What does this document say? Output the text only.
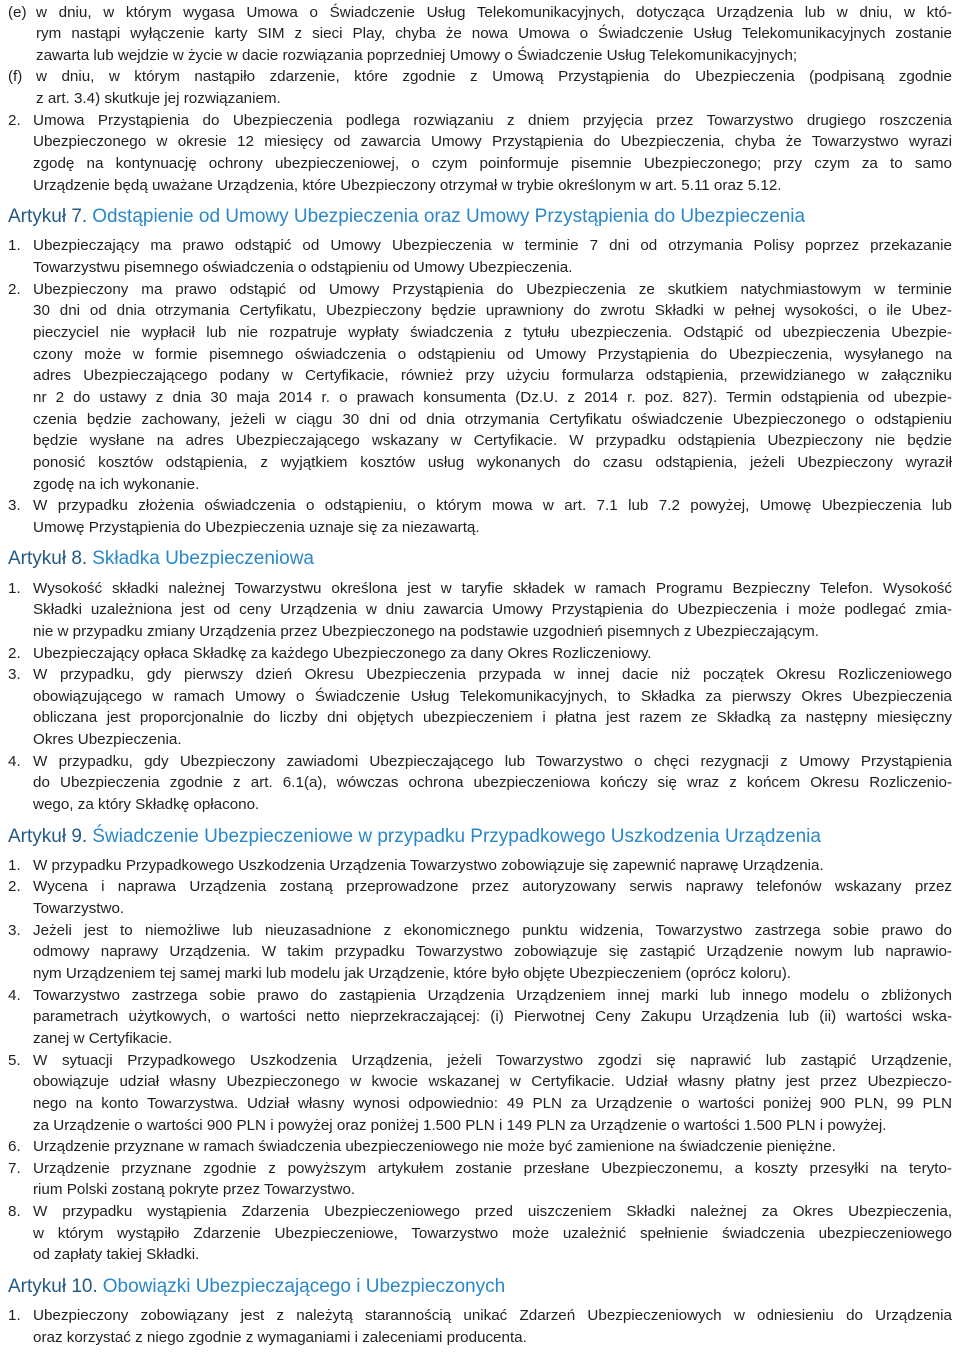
(e) w dniu, w którym wygasa Umowa o Świadczenie Usług Telekomunikacyjnych, dotycząca Urządzenia lub w dniu, w któ-
rym nastąpi wyłączenie karty SIM z sieci Play, chyba że nowa Umowa o Świadczenie Usług Telekomunikacyjnych zostanie
zawarta lub wejdzie w życie w dacie rozwiązania poprzedniej Umowy o Świadczenie Usług Telekomunikacyjnych;
(f) w dniu, w którym nastąpiło zdarzenie, które zgodnie z Umową Przystąpienia do Ubezpieczenia (podpisaną zgodnie
z art. 3.4) skutkuje jej rozwiązaniem.
2. Umowa Przystąpienia do Ubezpieczenia podlega rozwiązaniu z dniem przyjęcia przez Towarzystwo drugiego roszczenia
Ubezpieczonego w okresie 12 miesięcy od zawarcia Umowy Przystąpienia do Ubezpieczenia, chyba że Towarzystwo wyrazi
zgodę na kontynuację ochrony ubezpieczeniowej, o czym poinformuje pisemnie Ubezpieczonego; przy czym za to samo
Urządzenie będą uważane Urządzenia, które Ubezpieczony otrzymał w trybie określonym w art. 5.11 oraz 5.12.
Artykuł 7. Odstąpienie od Umowy Ubezpieczenia oraz Umowy Przystąpienia do Ubezpieczenia
1. Ubezpieczający ma prawo odstąpić od Umowy Ubezpieczenia w terminie 7 dni od otrzymania Polisy poprzez przekazanie
Towarzystwu pisemnego oświadczenia o odstąpieniu od Umowy Ubezpieczenia.
2. Ubezpieczony ma prawo odstąpić od Umowy Przystąpienia do Ubezpieczenia ze skutkiem natychmiastowym w terminie
30 dni od dnia otrzymania Certyfikatu, Ubezpieczony będzie uprawniony do zwrotu Składki w pełnej wysokości, o ile Ubez-
pieczyciel nie wypłacił lub nie rozpatruje wypłaty świadczenia z tytułu ubezpieczenia. Odstąpić od ubezpieczenia Ubezpie-
czony może w formie pisemnego oświadczenia o odstąpieniu od Umowy Przystąpienia do Ubezpieczenia, wysyłanego na
adres Ubezpieczającego podany w Certyfikacie, również przy użyciu formularza odstąpienia, przewidzianego w załączniku
nr 2 do ustawy z dnia 30 maja 2014 r. o prawach konsumenta (Dz.U. z 2014 r. poz. 827). Termin odstąpienia od ubezpie-
czenia będzie zachowany, jeżeli w ciągu 30 dni od dnia otrzymania Certyfikatu oświadczenie Ubezpieczonego o odstąpieniu
będzie wysłane na adres Ubezpieczającego wskazany w Certyfikacie. W przypadku odstąpienia Ubezpieczony nie będzie
ponosić kosztów odstąpienia, z wyjątkiem kosztów usług wykonanych do czasu odstąpienia, jeżeli Ubezpieczony wyraził
zgodę na ich wykonanie.
3. W przypadku złożenia oświadczenia o odstąpieniu, o którym mowa w art. 7.1 lub 7.2 powyżej, Umowę Ubezpieczenia lub
Umowę Przystąpienia do Ubezpieczenia uznaje się za niezawartą.
Artykuł 8. Składka Ubezpieczeniowa
1. Wysokość składki należnej Towarzystwu określona jest w taryfie składek w ramach Programu Bezpieczny Telefon. Wysokość
Składki uzależniona jest od ceny Urządzenia w dniu zawarcia Umowy Przystąpienia do Ubezpieczenia i może podlegać zmia-
nie w przypadku zmiany Urządzenia przez Ubezpieczonego na podstawie uzgodnień pisemnych z Ubezpieczającym.
2. Ubezpieczający opłaca Składkę za każdego Ubezpieczonego za dany Okres Rozliczeniowy.
3. W przypadku, gdy pierwszy dzień Okresu Ubezpieczenia przypada w innej dacie niż początek Okresu Rozliczeniowego
obowiązującego w ramach Umowy o Świadczenie Usług Telekomunikacyjnych, to Składka za pierwszy Okres Ubezpieczenia
obliczana jest proporcjonalnie do liczby dni objętych ubezpieczeniem i płatna jest razem ze Składką za następny miesięczny
Okres Ubezpieczenia.
4. W przypadku, gdy Ubezpieczony zawiadomi Ubezpieczającego lub Towarzystwo o chęci rezygnacji z Umowy Przystąpienia
do Ubezpieczenia zgodnie z art. 6.1(a), wówczas ochrona ubezpieczeniowa kończy się wraz z końcem Okresu Rozliczenio-
wego, za który Składkę opłacono.
Artykuł 9. Świadczenie Ubezpieczeniowe w przypadku Przypadkowego Uszkodzenia Urządzenia
1. W przypadku Przypadkowego Uszkodzenia Urządzenia Towarzystwo zobowiązuje się zapewnić naprawę Urządzenia.
2. Wycena i naprawa Urządzenia zostaną przeprowadzone przez autoryzowany serwis naprawy telefonów wskazany przez
Towarzystwo.
3. Jeżeli jest to niemożliwe lub nieuzasadnione z ekonomicznego punktu widzenia, Towarzystwo zastrzega sobie prawo do
odmowy naprawy Urządzenia. W takim przypadku Towarzystwo zobowiązuje się zastąpić Urządzenie nowym lub naprawio-
nym Urządzeniem tej samej marki lub modelu jak Urządzenie, które było objęte Ubezpieczeniem (oprócz koloru).
4. Towarzystwo zastrzega sobie prawo do zastąpienia Urządzenia Urządzeniem innej marki lub innego modelu o zbliżonych
parametrach użytkowych, o wartości netto nieprzekraczającej: (i) Pierwotnej Ceny Zakupu Urządzenia lub (ii) wartości wska-
zanej w Certyfikacie.
5. W sytuacji Przypadkowego Uszkodzenia Urządzenia, jeżeli Towarzystwo zgodzi się naprawić lub zastąpić Urządzenie,
obowiązuje udział własny Ubezpieczonego w kwocie wskazanej w Certyfikacie. Udział własny płatny jest przez Ubezpieczo-
nego na konto Towarzystwa. Udział własny wynosi odpowiednio: 49 PLN za Urządzenie o wartości poniżej 900 PLN, 99 PLN
za Urządzenie o wartości 900 PLN i powyżej oraz poniżej 1.500 PLN i 149 PLN za Urządzenie o wartości 1.500 PLN i powyżej.
6. Urządzenie przyznane w ramach świadczenia ubezpieczeniowego nie może być zamienione na świadczenie pieniężne.
7. Urządzenie przyznane zgodnie z powyższym artykułem zostanie przesłane Ubezpieczonemu, a koszty przesyłki na teryto-
rium Polski zostaną pokryte przez Towarzystwo.
8. W przypadku wystąpienia Zdarzenia Ubezpieczeniowego przed uiszczeniem Składki należnej za Okres Ubezpieczenia,
w którym wystąpiło Zdarzenie Ubezpieczeniowe, Towarzystwo może uzależnić spełnienie świadczenia ubezpieczeniowego
od zapłaty takiej Składki.
Artykuł 10. Obowiązki Ubezpieczającego i Ubezpieczonych
1. Ubezpieczony zobowiązany jest z należytą starannością unikać Zdarzeń Ubezpieczeniowych w odniesieniu do Urządzenia
oraz korzystać z niego zgodnie z wymaganiami i zaleceniami producenta.
